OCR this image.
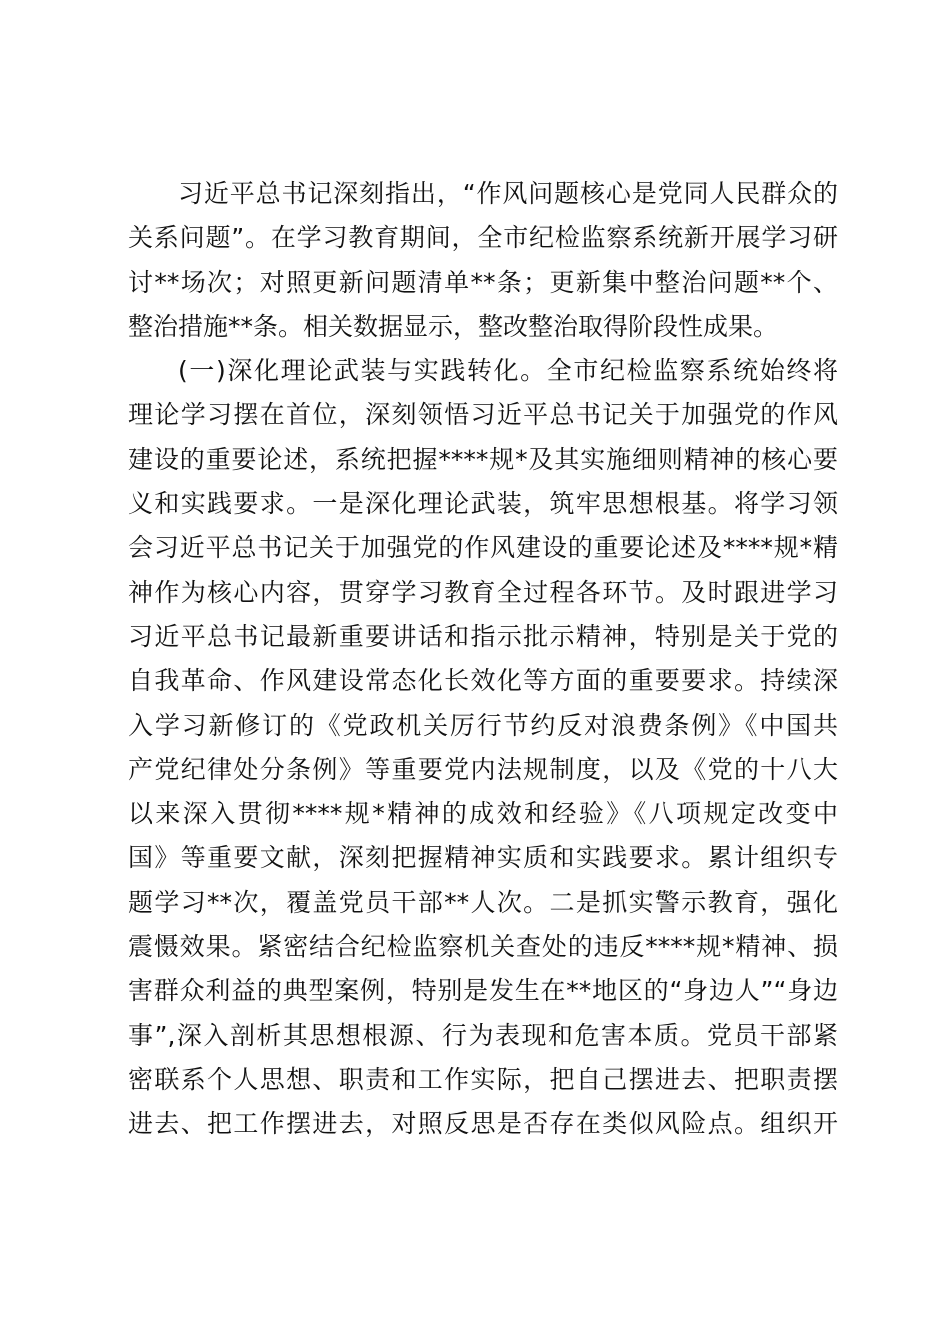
习近平总书记深刻指出，“作风问题核心是党同人民群众的
关系问题”。在学习教育期间，全市纪检监察系统新开展学习研
讨**场次；对照更新问题清单**条；更新集中整治问题**个、
整治措施**条。相关数据显示，整改整治取得阶段性成果。
(一)深化理论武装与实践转化。全市纪检监察系统始终将
理论学习摆在首位，深刻领悟习近平总书记关于加强党的作风
建设的重要论述，系统把握****规*及其实施细则精神的核心要
义和实践要求。一是深化理论武装，筑牢思想根基。将学习领
会习近平总书记关于加强党的作风建设的重要论述及****规*精
神作为核心内容，贯穿学习教育全过程各环节。及时跟进学习
习近平总书记最新重要讲话和指示批示精神，特别是关于党的
自我革命、作风建设常态化长效化等方面的重要要求。持续深
入学习新修订的《党政机关厉行节约反对浪费条例》《中国共
产党纪律处分条例》等重要党内法规制度，以及《党的十八大
以来深入贯彻****规*精神的成效和经验》《八项规定改变中
国》等重要文献，深刻把握精神实质和实践要求。累计组织专
题学习**次，覆盖党员干部**人次。二是抓实警示教育，强化
震慑效果。紧密结合纪检监察机关查处的违反****规*精神、损
害群众利益的典型案例，特别是发生在**地区的“身边人”“身边
事”,深入剖析其思想根源、行为表现和危害本质。党员干部紧
密联系个人思想、职责和工作实际，把自己摆进去、把职责摆
进去、把工作摆进去，对照反思是否存在类似风险点。组织开
